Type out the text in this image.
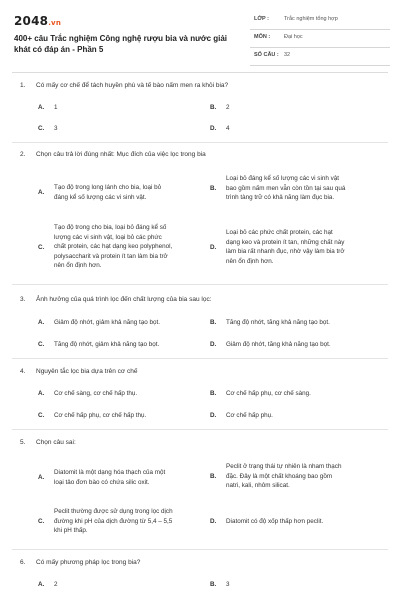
2048.vn
400+ câu Trắc nghiệm Công nghệ rượu bia và nước giải khát có đáp án - Phần 5
LỚP :	Trắc nghiệm tổng hợp
MÔN :	Đại học
SỐ CÂU : 32
1. Có mấy cơ chế để tách huyền phù và tế bào nấm men ra khỏi bia?
A. 1	B. 2
C. 3	D. 4
2. Chọn câu trả lời đúng nhất: Mục đích của việc lọc trong bia
A.
Tạo độ trong long lánh cho bia, loại bỏ
đáng kể số lượng các vi sinh vật.
B.
Loại bỏ đáng kể số lượng các vi sinh vật
bao gồm nấm men vẫn còn tồn tại sau quá
trình tàng trữ có khả năng làm đục bia.
C.
Tạo độ trong cho bia, loại bỏ đáng kể số
lượng các vi sinh vật, loại bỏ các phức
chất protein, các hạt dạng keo polyphenol,
polysaccharit và protein ít tan làm bia trở
nên ổn định hơn.
D.
Loại bỏ các phức chất protein, các hạt
dạng keo và protein ít tan, những chất này
làm bia rất nhanh đục, nhờ vậy làm bia trở
nên ổn định hơn.
3. Ảnh hưởng của quá trình lọc đến chất lượng của bia sau lọc:
A. Giảm độ nhớt, giảm khả năng tạo bọt.	B. Tăng độ nhớt, tăng khả năng tạo bọt.
C. Tăng độ nhớt, giảm khả năng tạo bọt.	D. Giảm độ nhớt, tăng khả năng tạo bọt.
4. Nguyên tắc lọc bia dựa trên cơ chế
A. Cơ chế sàng, cơ chế hấp thụ.	B. Cơ chế hấp phụ, cơ chế sàng.
C. Cơ chế hấp phụ, cơ chế hấp thụ.	D. Cơ chế hấp phụ.
5. Chọn câu sai:
A.
Diatomit là một dạng hóa thạch của một
loại tảo đơn bào có chứa silic oxit.
B.
Peclit ở trạng thái tự nhiên là nham thạch
đặc. Đây là một chất khoáng bao gồm
natri, kali, nhôm silicat.
C.
Peclit thường được sử dụng trong lọc dịch
đường khi pH của dịch đường từ 5,4 – 5,5
khi pH thấp.
D. Diatomit có độ xốp thấp hơn peclit.
6. Có mấy phương pháp lọc trong bia?
A. 2	B. 3
